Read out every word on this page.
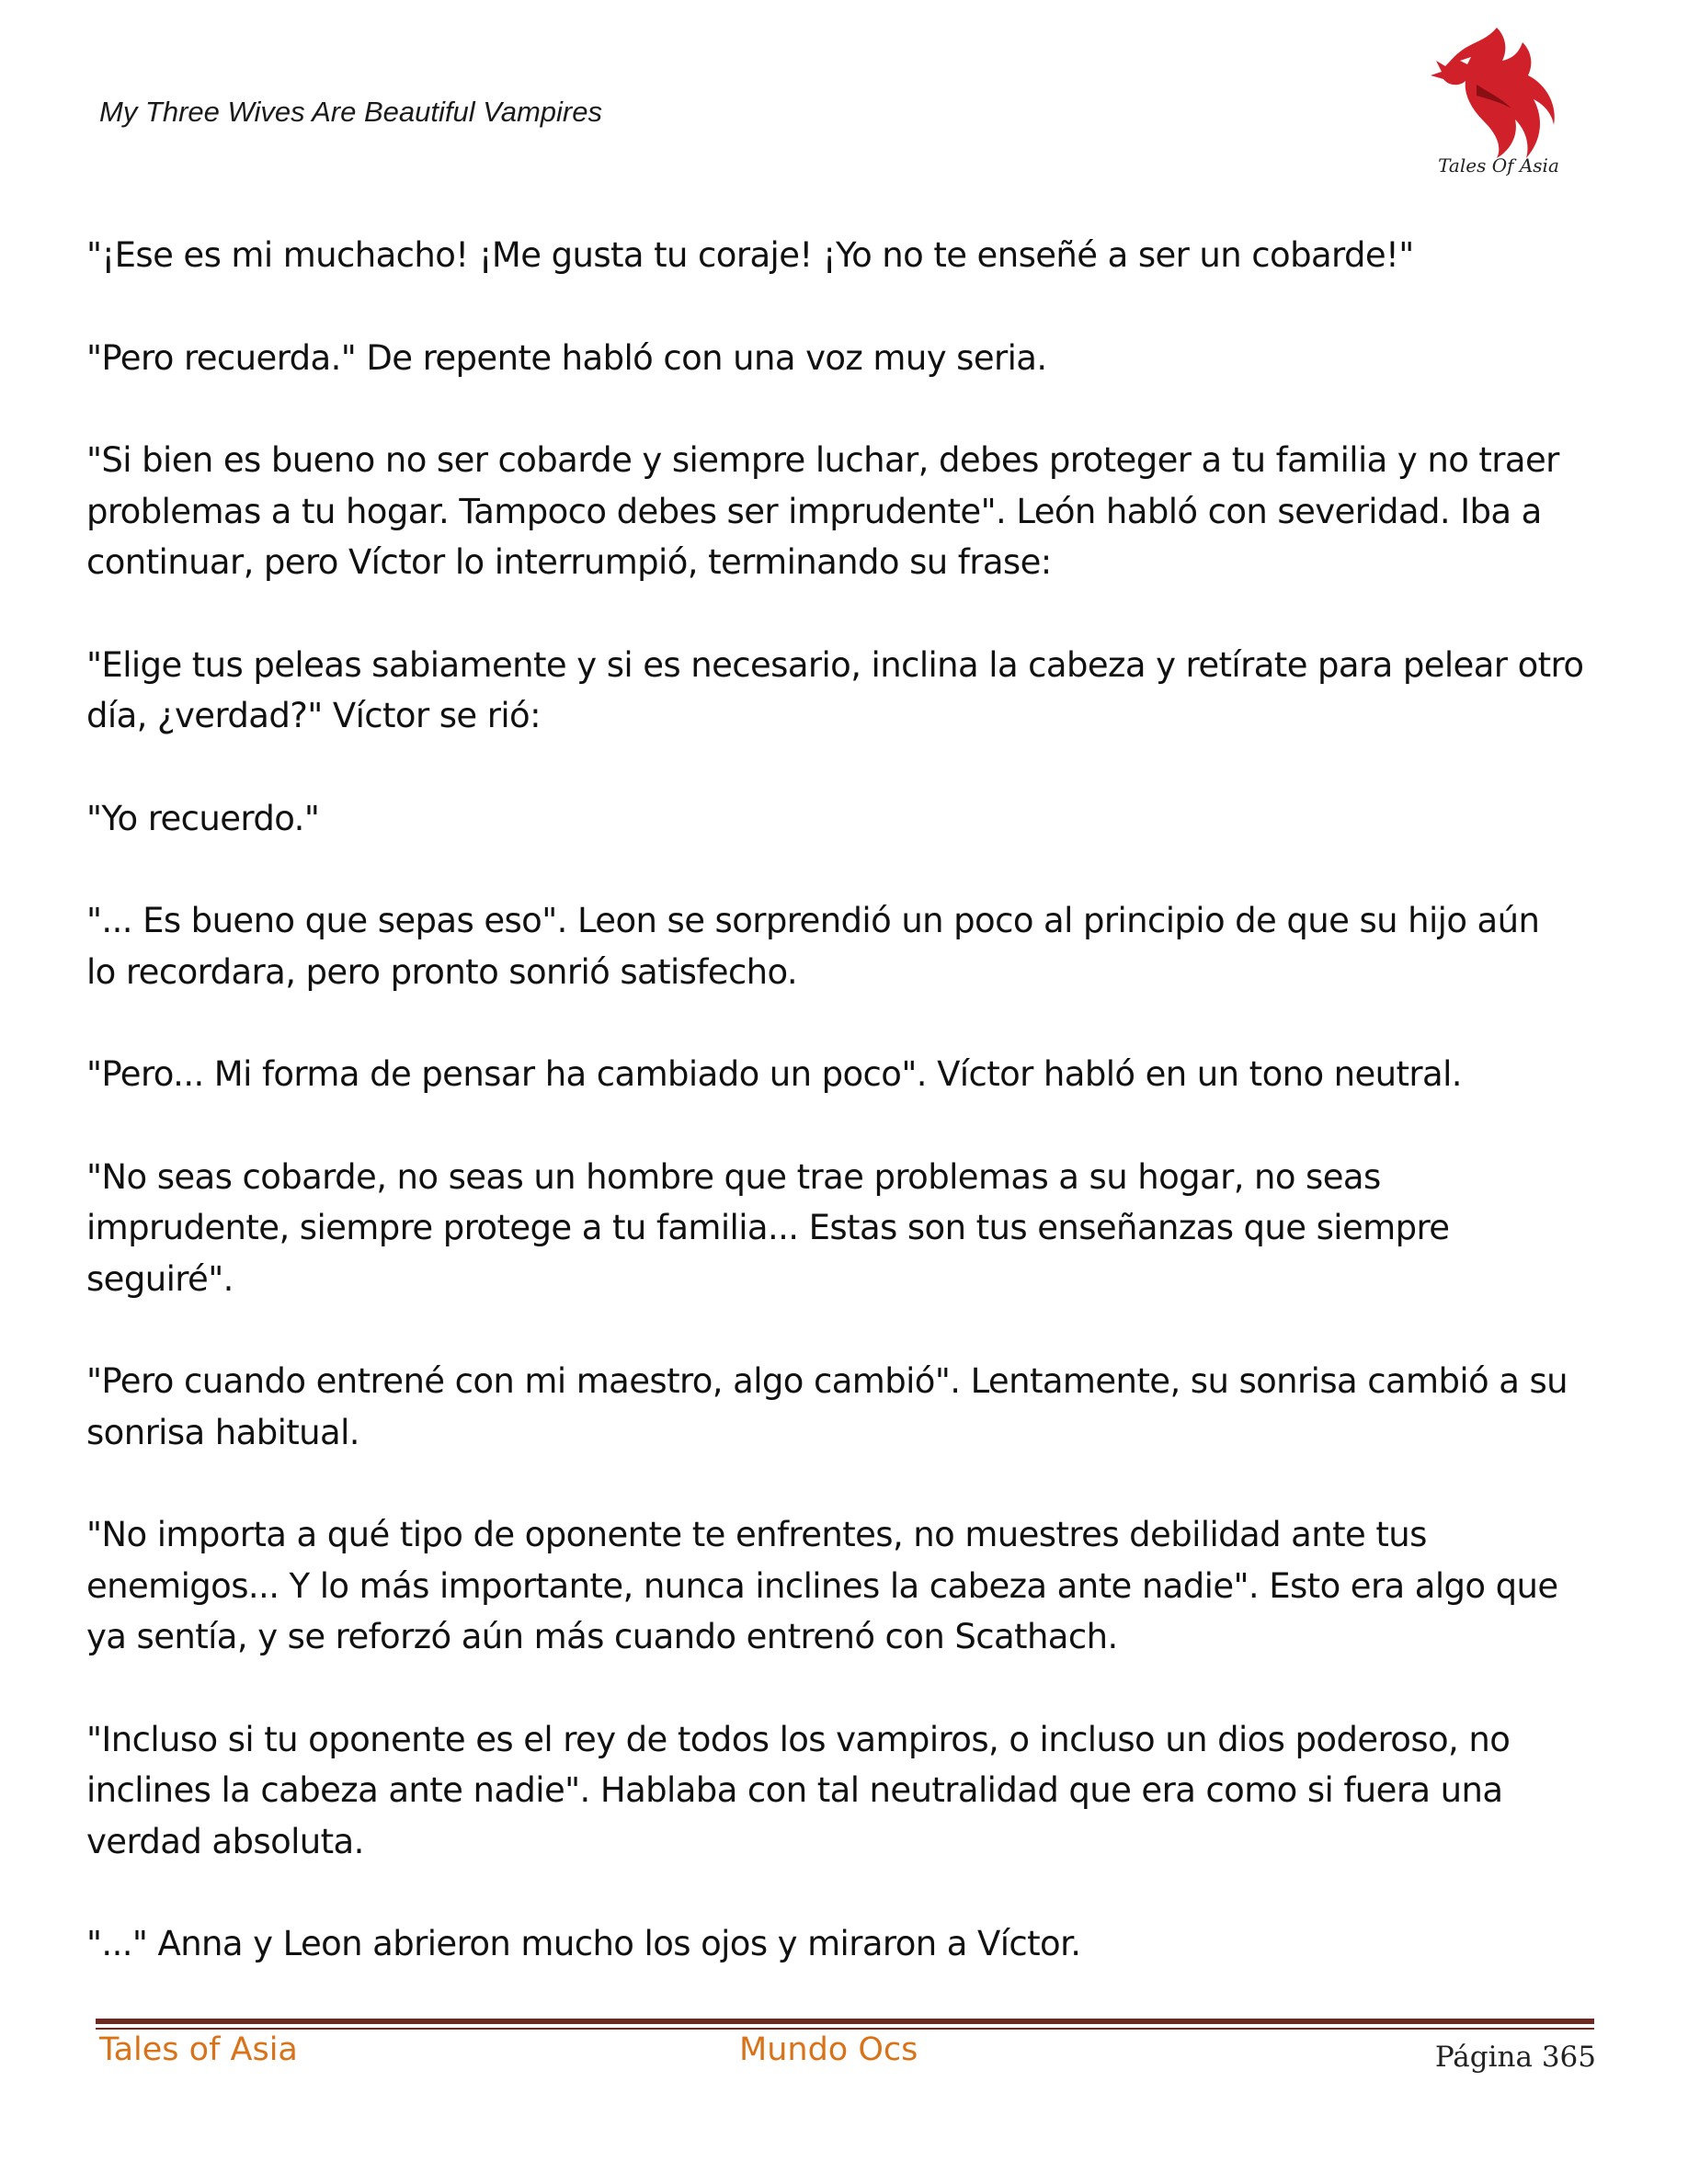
My Three Wives Are Beautiful Vampires
Tales Of Asia

"¡Ese es mi muchacho! ¡Me gusta tu coraje! ¡Yo no te enseñé a ser un cobarde!"

"Pero recuerda." De repente habló con una voz muy seria.

"Si bien es bueno no ser cobarde y siempre luchar, debes proteger a tu familia y no traer
problemas a tu hogar. Tampoco debes ser imprudente". León habló con severidad. Iba a
continuar, pero Víctor lo interrumpió, terminando su frase:

"Elige tus peleas sabiamente y si es necesario, inclina la cabeza y retírate para pelear otro
día, ¿verdad?" Víctor se rió:

"Yo recuerdo."

"... Es bueno que sepas eso". Leon se sorprendió un poco al principio de que su hijo aún
lo recordara, pero pronto sonrió satisfecho.

"Pero... Mi forma de pensar ha cambiado un poco". Víctor habló en un tono neutral.

"No seas cobarde, no seas un hombre que trae problemas a su hogar, no seas
imprudente, siempre protege a tu familia... Estas son tus enseñanzas que siempre
seguiré".

"Pero cuando entrené con mi maestro, algo cambió". Lentamente, su sonrisa cambió a su
sonrisa habitual.

"No importa a qué tipo de oponente te enfrentes, no muestres debilidad ante tus
enemigos... Y lo más importante, nunca inclines la cabeza ante nadie". Esto era algo que
ya sentía, y se reforzó aún más cuando entrenó con Scathach.

"Incluso si tu oponente es el rey de todos los vampiros, o incluso un dios poderoso, no
inclines la cabeza ante nadie". Hablaba con tal neutralidad que era como si fuera una
verdad absoluta.

"..." Anna y Leon abrieron mucho los ojos y miraron a Víctor.

Tales of Asia	Mundo Ocs	Página 365
